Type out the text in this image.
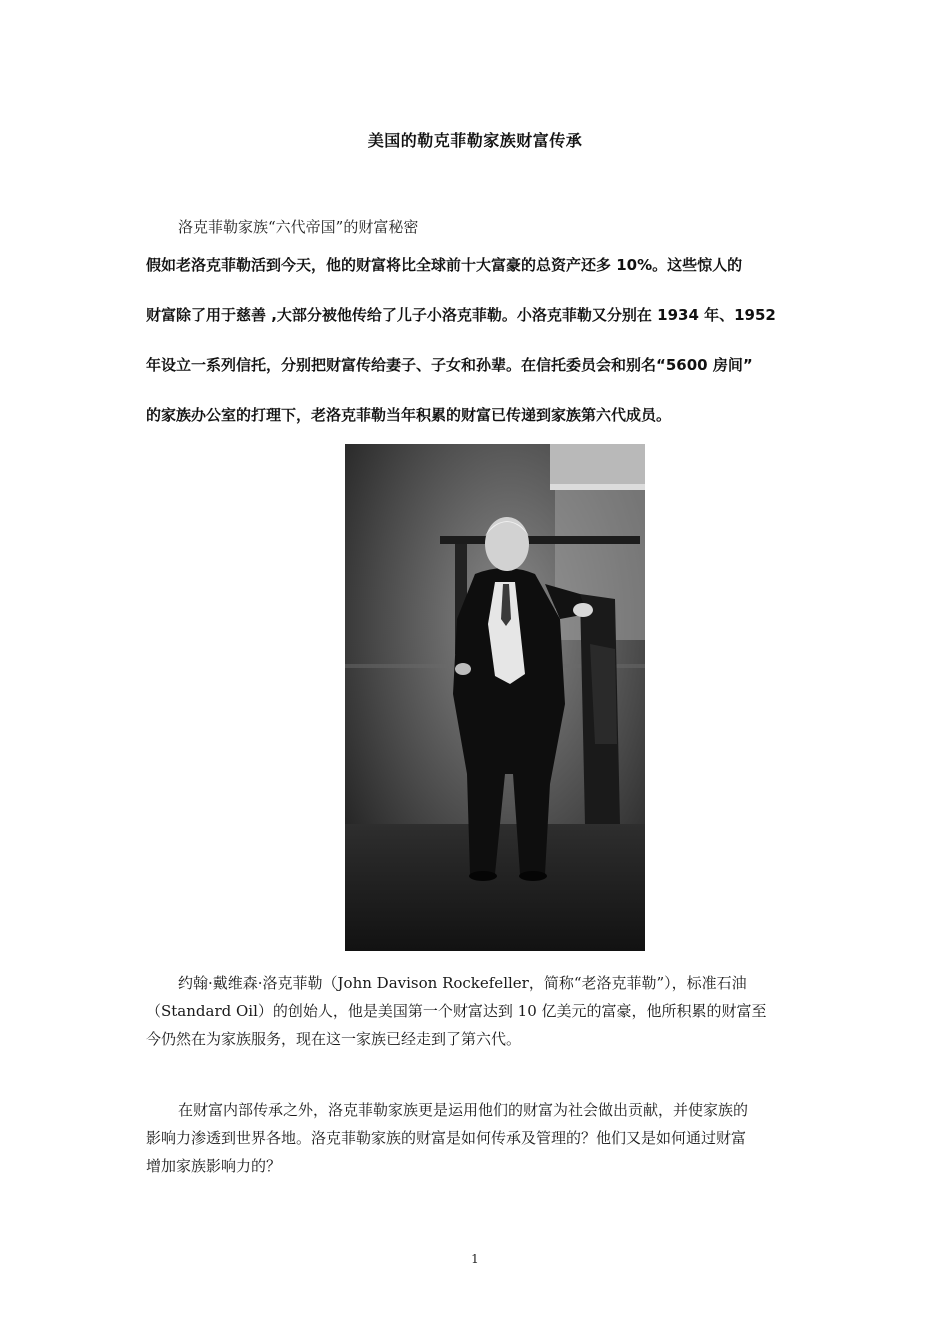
美国的勒克菲勒家族财富传承
洛克菲勒家族“六代帝国”的财富秘密
假如老洛克菲勒活到今天，他的财富将比全球前十大富豪的总资产还多 10%。这些惊人的
财富除了用于慈善 ,大部分被他传给了儿子小洛克菲勒。小洛克菲勒又分别在 1934 年、1952
年设立一系列信托，分别把财富传给妻子、子女和孙辈。在信托委员会和别名“5600 房间”
的家族办公室的打理下，老洛克菲勒当年积累的财富已传递到家族第六代成员。
约翰·戴维森·洛克菲勒（John Davison Rockefeller，简称“老洛克菲勒”），标准石油
（Standard Oil）的创始人，他是美国第一个财富达到 10 亿美元的富豪，他所积累的财富至
今仍然在为家族服务，现在这一家族已经走到了第六代。
在财富内部传承之外，洛克菲勒家族更是运用他们的财富为社会做出贡献，并使家族的
影响力渗透到世界各地。洛克菲勒家族的财富是如何传承及管理的？他们又是如何通过财富
增加家族影响力的？
1
